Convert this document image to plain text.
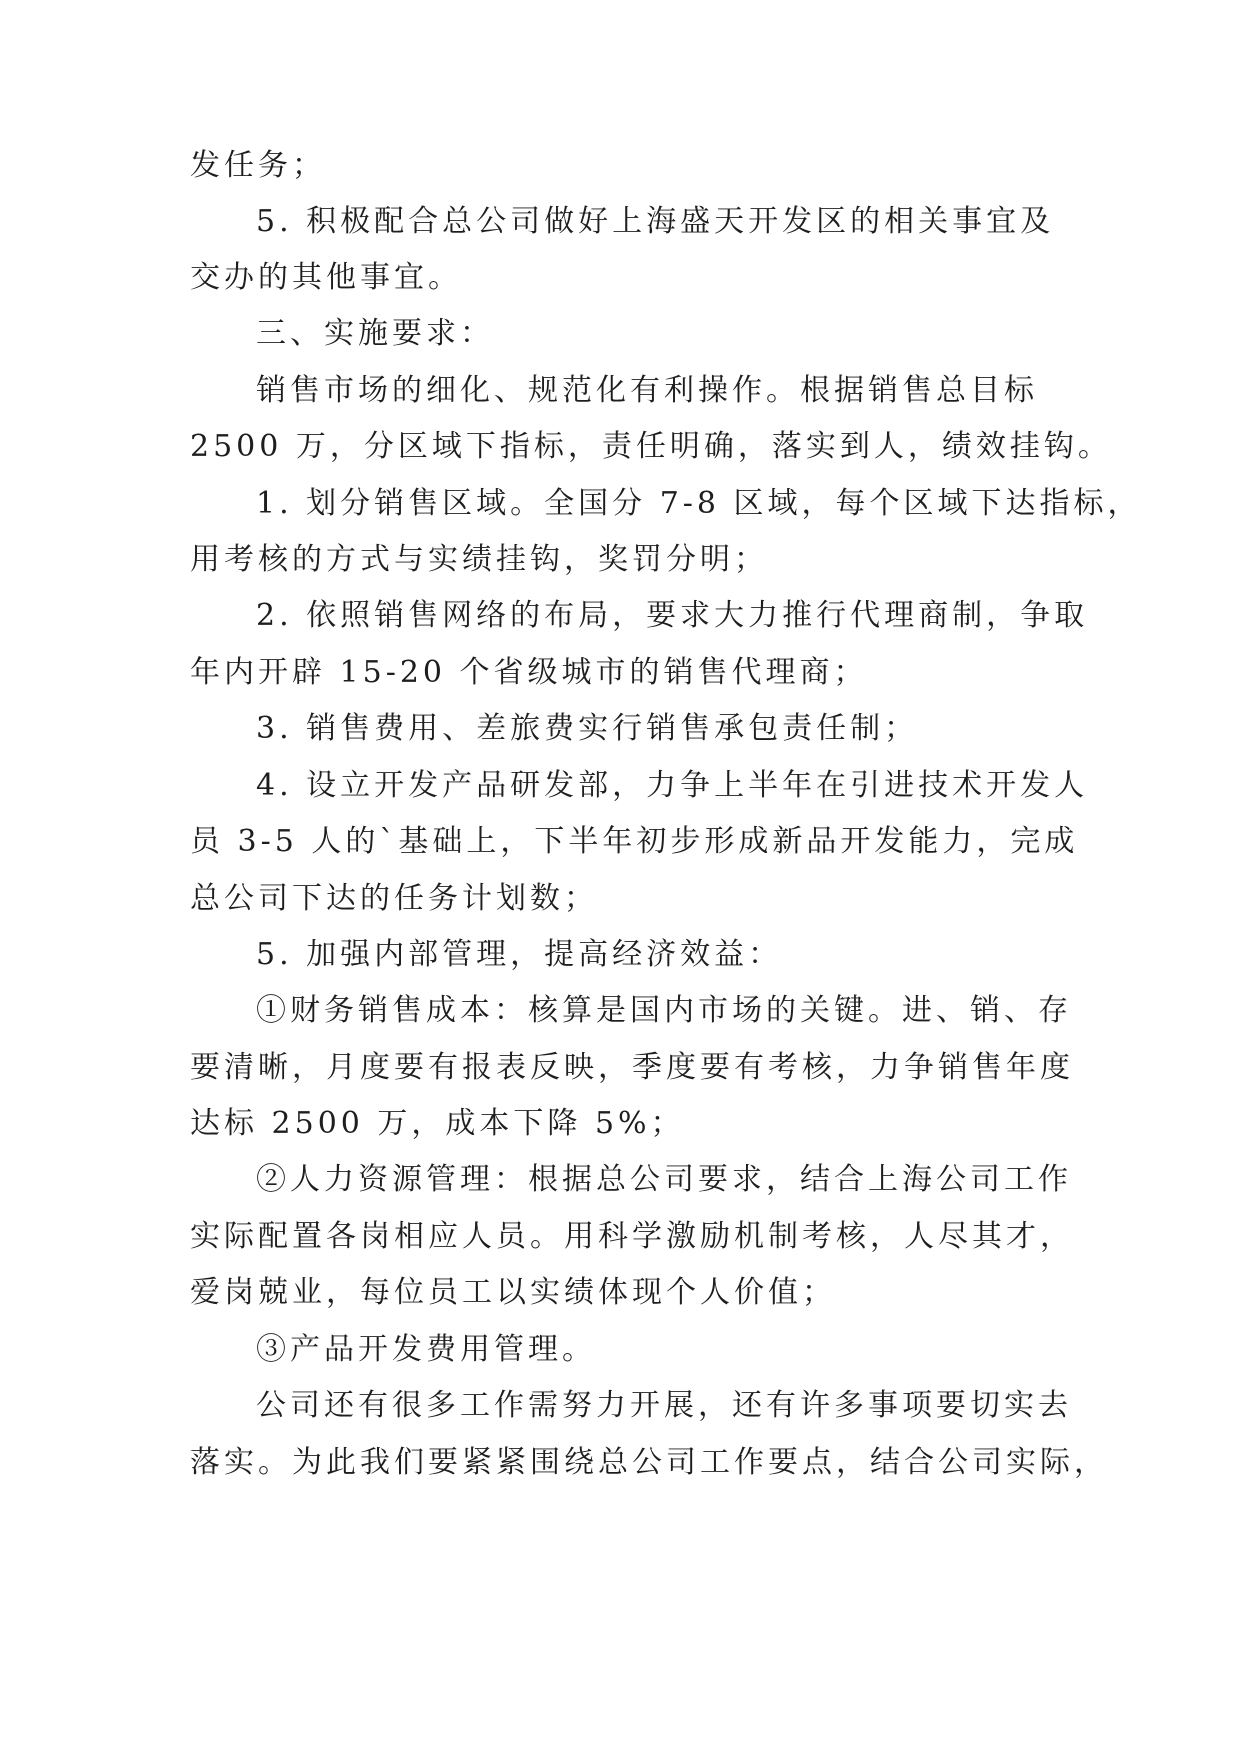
发任务；
5. 积极配合总公司做好上海盛天开发区的相关事宜及
交办的其他事宜。
三、实施要求：
销售市场的细化、规范化有利操作。根据销售总目标
2500 万，分区域下指标，责任明确，落实到人，绩效挂钩。
1. 划分销售区域。全国分 7-8 区域，每个区域下达指标，
用考核的方式与实绩挂钩，奖罚分明；
2. 依照销售网络的布局，要求大力推行代理商制，争取
年内开辟 15-20 个省级城市的销售代理商；
3. 销售费用、差旅费实行销售承包责任制；
4. 设立开发产品研发部，力争上半年在引进技术开发人
员 3-5 人的`基础上，下半年初步形成新品开发能力，完成
总公司下达的任务计划数；
5. 加强内部管理，提高经济效益：
①财务销售成本：核算是国内市场的关键。进、销、存
要清晰，月度要有报表反映，季度要有考核，力争销售年度
达标 2500 万，成本下降 5%；
②人力资源管理：根据总公司要求，结合上海公司工作
实际配置各岗相应人员。用科学激励机制考核，人尽其才，
爱岗兢业，每位员工以实绩体现个人价值；
③产品开发费用管理。
公司还有很多工作需努力开展，还有许多事项要切实去
落实。为此我们要紧紧围绕总公司工作要点，结合公司实际，
